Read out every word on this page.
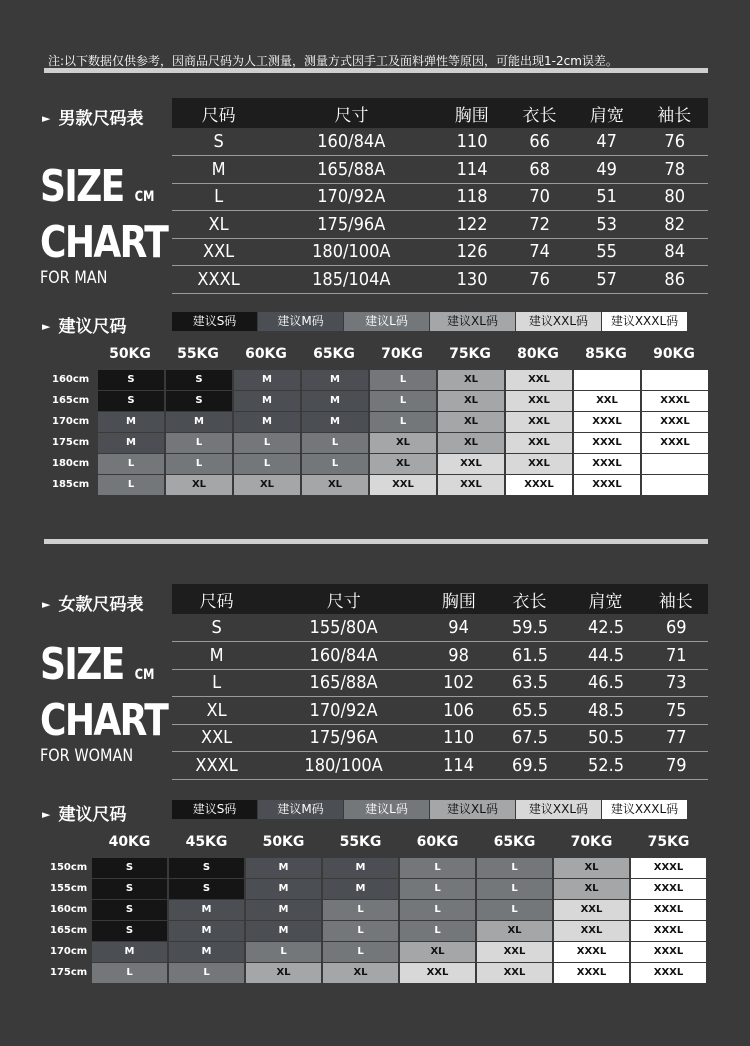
注:以下数据仅供参考，因商品尺码为人工测量，测量方式因手工及面料弹性等原因，可能出现1-2cm误差。
► 男款尺码表
SIZE CM
CHART
FOR MAN
尺码	尺寸	胸围	衣长	肩宽	袖长
S	160/84A	110	66	47	76
M	165/88A	114	68	49	78
L	170/92A	118	70	51	80
XL	175/96A	122	72	53	82
XXL	180/100A	126	74	55	84
XXXL	185/104A	130	76	57	86
► 建议尺码	建议S码	建议M码	建议L码	建议XL码	建议XXL码	建议XXXL码
50KG	55KG	60KG	65KG	70KG	75KG	80KG	85KG	90KG
160cm	S	S	M	M	L	XL	XXL
165cm	S	S	M	M	L	XL	XXL	XXL	XXXL
170cm	M	M	M	M	L	XL	XXL	XXXL	XXXL
175cm	M	L	L	L	XL	XL	XXL	XXXL	XXXL
180cm	L	L	L	L	XL	XXL	XXL	XXXL
185cm	L	XL	XL	XL	XXL	XXL	XXXL	XXXL
► 女款尺码表
SIZE CM
CHART
FOR WOMAN
尺码	尺寸	胸围	衣长	肩宽	袖长
S	155/80A	94	59.5	42.5	69
M	160/84A	98	61.5	44.5	71
L	165/88A	102	63.5	46.5	73
XL	170/92A	106	65.5	48.5	75
XXL	175/96A	110	67.5	50.5	77
XXXL	180/100A	114	69.5	52.5	79
► 建议尺码	建议S码	建议M码	建议L码	建议XL码	建议XXL码	建议XXXL码
40KG	45KG	50KG	55KG	60KG	65KG	70KG	75KG
150cm	S	S	M	M	L	L	XL	XXXL
155cm	S	S	M	M	L	L	XL	XXXL
160cm	S	M	M	L	L	L	XXL	XXXL
165cm	S	M	M	L	L	XL	XXL	XXXL
170cm	M	M	L	L	XL	XXL	XXXL	XXXL
175cm	L	L	XL	XL	XXL	XXL	XXXL	XXXL
